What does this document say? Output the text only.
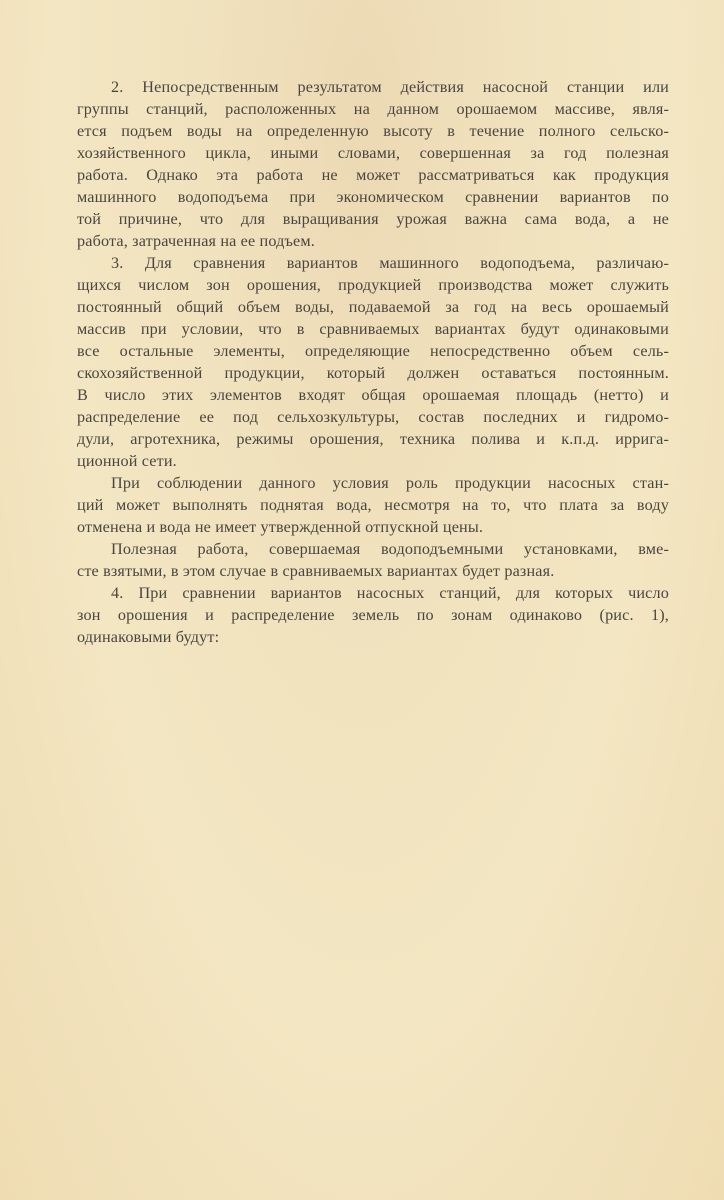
2. Непосредственным результатом действия насосной станции или
группы станций, расположенных на данном орошаемом массиве, явля-
ется подъем воды на определенную высоту в течение полного сельско-
хозяйственного цикла, иными словами, совершенная за год полезная
работа. Однако эта работа не может рассматриваться как продукция
машинного водоподъема при экономическом сравнении вариантов по
той причине, что для выращивания урожая важна сама вода, а не
работа, затраченная на ее подъем.
3. Для сравнения вариантов машинного водоподъема, различаю-
щихся числом зон орошения, продукцией производства может служить
постоянный общий объем воды, подаваемой за год на весь орошаемый
массив при условии, что в сравниваемых вариантах будут одинаковыми
все остальные элементы, определяющие непосредственно объем сель-
скохозяйственной продукции, который должен оставаться постоянным.
В число этих элементов входят общая орошаемая площадь (нетто) и
распределение ее под сельхозкультуры, состав последних и гидромо-
дули, агротехника, режимы орошения, техника полива и к.п.д. ирригa-
ционной сети.
При соблюдении данного условия роль продукции насосных стан-
ций может выполнять поднятая вода, несмотря на то, что плата за воду
отменена и вода не имеет утвержденной отпускной цены.
Полезная работа, совершаемая водоподъемными установками, вме-
сте взятыми, в этом случае в сравниваемых вариантах будет разная.
4. При сравнении вариантов насосных станций, для которых число
зон орошения и распределение земель по зонам одинаково (рис. 1),
одинаковыми будут:
